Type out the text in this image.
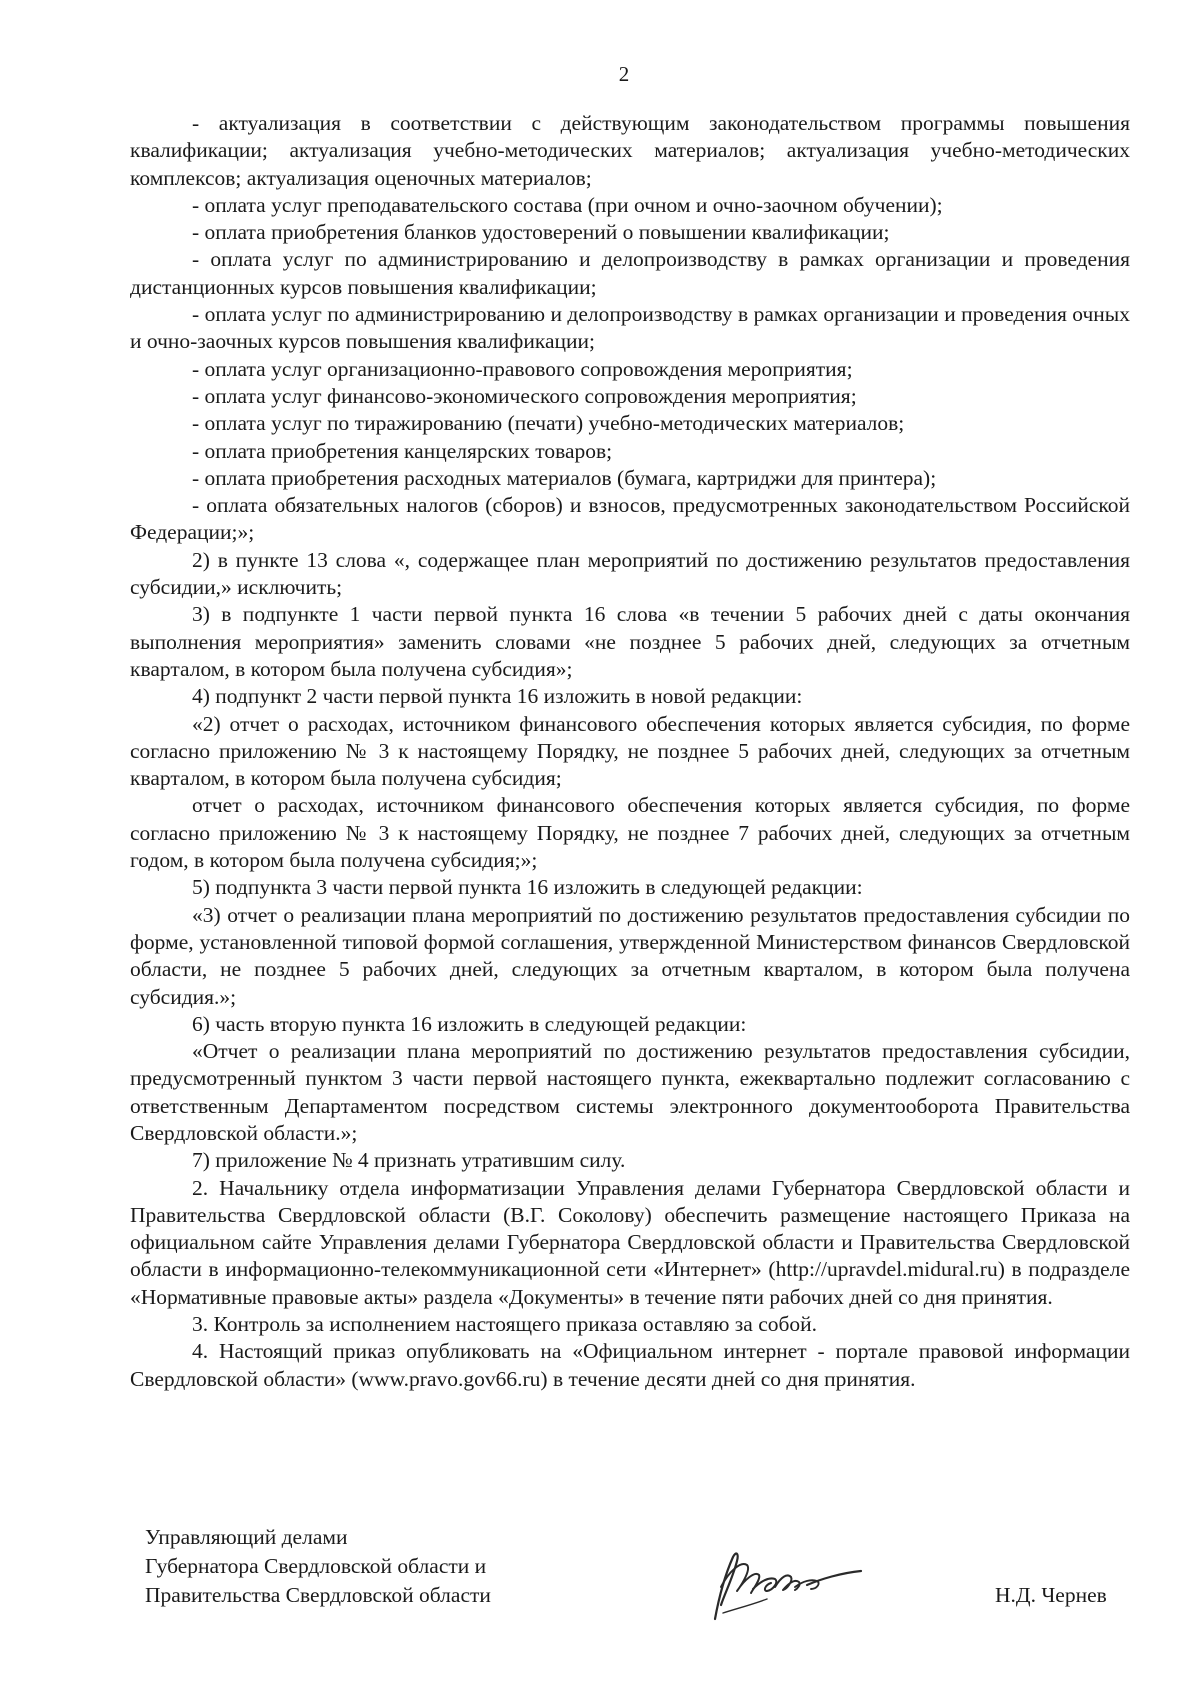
2

- актуализация в соответствии с действующим законодательством программы повышения квалификации; актуализация учебно-методических материалов; актуализация учебно-методических комплексов; актуализация оценочных материалов;

- оплата услуг преподавательского состава (при очном и очно-заочном обучении);

- оплата приобретения бланков удостоверений о повышении квалификации;

- оплата услуг по администрированию и делопроизводству в рамках организации и проведения дистанционных курсов повышения квалификации;

- оплата услуг по администрированию и делопроизводству в рамках организации и проведения очных и очно-заочных курсов повышения квалификации;

- оплата услуг организационно-правового сопровождения мероприятия;

- оплата услуг финансово-экономического сопровождения мероприятия;

- оплата услуг по тиражированию (печати) учебно-методических материалов;

- оплата приобретения канцелярских товаров;

- оплата приобретения расходных материалов (бумага, картриджи для принтера);

- оплата обязательных налогов (сборов) и взносов, предусмотренных законодательством Российской Федерации;»;

2) в пункте 13 слова «, содержащее план мероприятий по достижению результатов предоставления субсидии,» исключить;

3) в подпункте 1 части первой пункта 16 слова «в течении 5 рабочих дней с даты окончания выполнения мероприятия» заменить словами «не позднее 5 рабочих дней, следующих за отчетным кварталом, в котором была получена субсидия»;

4) подпункт 2 части первой пункта 16 изложить в новой редакции:

«2) отчет о расходах, источником финансового обеспечения которых является субсидия, по форме согласно приложению № 3 к настоящему Порядку, не позднее 5 рабочих дней, следующих за отчетным кварталом, в котором была получена субсидия;

отчет о расходах, источником финансового обеспечения которых является субсидия, по форме согласно приложению № 3 к настоящему Порядку, не позднее 7 рабочих дней, следующих за отчетным годом, в котором была получена субсидия;»;

5) подпункта 3 части первой пункта 16 изложить в следующей редакции:

«3) отчет о реализации плана мероприятий по достижению результатов предоставления субсидии по форме, установленной типовой формой соглашения, утвержденной Министерством финансов Свердловской области, не позднее 5 рабочих дней, следующих за отчетным кварталом, в котором была получена субсидия.»;

6) часть вторую пункта 16 изложить в следующей редакции:

«Отчет о реализации плана мероприятий по достижению результатов предоставления субсидии, предусмотренный пунктом 3 части первой настоящего пункта, ежеквартально подлежит согласованию с ответственным Департаментом посредством системы электронного документооборота Правительства Свердловской области.»;

7) приложение № 4 признать утратившим силу.

2. Начальнику отдела информатизации Управления делами Губернатора Свердловской области и Правительства Свердловской области (В.Г. Соколову) обеспечить размещение настоящего Приказа на официальном сайте Управления делами Губернатора Свердловской области и Правительства Свердловской области в информационно-телекоммуникационной сети «Интернет» (http://upravdel.midural.ru) в подразделе «Нормативные правовые акты» раздела «Документы» в течение пяти рабочих дней со дня принятия.

3. Контроль за исполнением настоящего приказа оставляю за собой.

4. Настоящий приказ опубликовать на «Официальном интернет - портале правовой информации Свердловской области» (www.pravo.gov66.ru) в течение десяти дней со дня принятия.

Управляющий делами
Губернатора Свердловской области и
Правительства Свердловской области	Н.Д. Чернев
